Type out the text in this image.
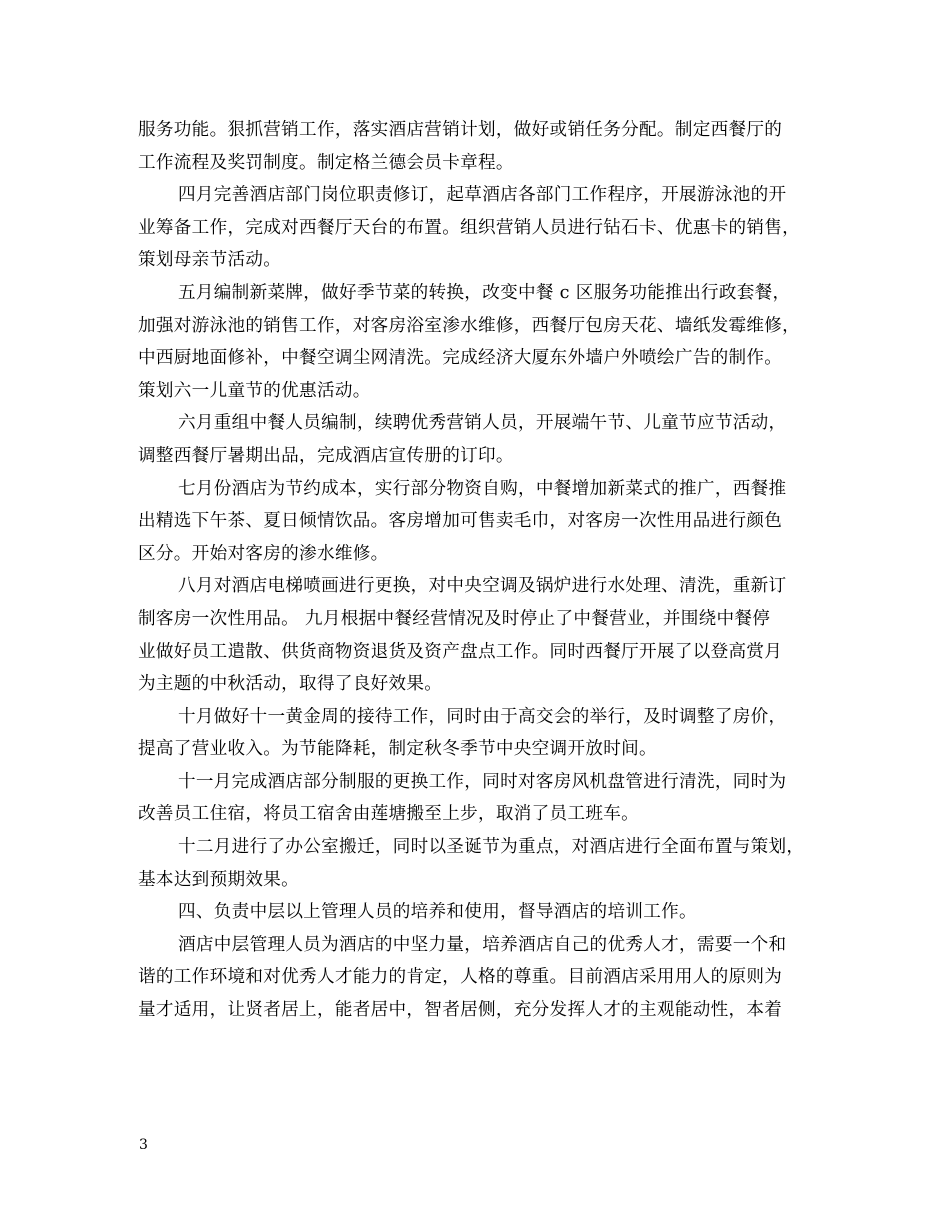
服务功能。狠抓营销工作，落实酒店营销计划，做好或销任务分配。制定西餐厅的
工作流程及奖罚制度。制定格兰德会员卡章程。
四月完善酒店部门岗位职责修订，起草酒店各部门工作程序，开展游泳池的开
业筹备工作，完成对西餐厅天台的布置。组织营销人员进行钻石卡、优惠卡的销售，
策划母亲节活动。
五月编制新菜牌，做好季节菜的转换，改变中餐 c 区服务功能推出行政套餐，
加强对游泳池的销售工作，对客房浴室渗水维修，西餐厅包房天花、墙纸发霉维修，
中西厨地面修补，中餐空调尘网清洗。完成经济大厦东外墙户外喷绘广告的制作。
策划六一儿童节的优惠活动。
六月重组中餐人员编制，续聘优秀营销人员，开展端午节、儿童节应节活动，
调整西餐厅暑期出品，完成酒店宣传册的订印。
七月份酒店为节约成本，实行部分物资自购，中餐增加新菜式的推广，西餐推
出精选下午茶、夏日倾情饮品。客房增加可售卖毛巾，对客房一次性用品进行颜色
区分。开始对客房的渗水维修。
八月对酒店电梯喷画进行更换，对中央空调及锅炉进行水处理、清洗，重新订
制客房一次性用品。 九月根据中餐经营情况及时停止了中餐营业，并围绕中餐停
业做好员工遣散、供货商物资退货及资产盘点工作。同时西餐厅开展了以登高赏月
为主题的中秋活动，取得了良好效果。
十月做好十一黄金周的接待工作，同时由于高交会的举行，及时调整了房价，
提高了营业收入。为节能降耗，制定秋冬季节中央空调开放时间。
十一月完成酒店部分制服的更换工作，同时对客房风机盘管进行清洗，同时为
改善员工住宿，将员工宿舍由莲塘搬至上步，取消了员工班车。
十二月进行了办公室搬迁，同时以圣诞节为重点，对酒店进行全面布置与策划，
基本达到预期效果。
四、负责中层以上管理人员的培养和使用，督导酒店的培训工作。
酒店中层管理人员为酒店的中坚力量，培养酒店自己的优秀人才，需要一个和
谐的工作环境和对优秀人才能力的肯定，人格的尊重。目前酒店采用用人的原则为
量才适用，让贤者居上，能者居中，智者居侧，充分发挥人才的主观能动性，本着
3
